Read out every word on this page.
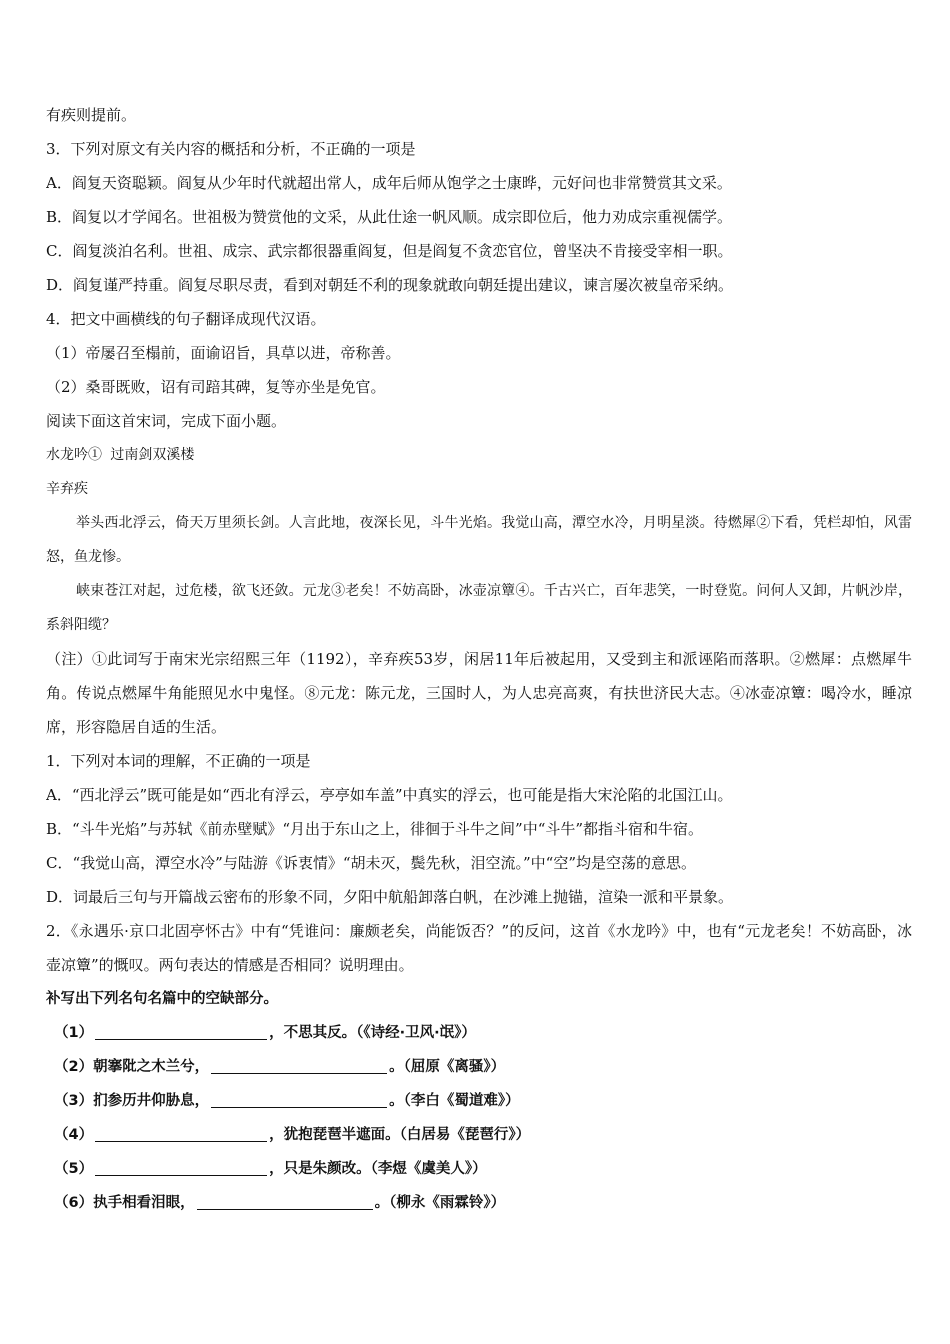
有疾则提前。
3．下列对原文有关内容的概括和分析，不正确的一项是
A．阎复天资聪颖。阎复从少年时代就超出常人，成年后师从饱学之士康晔，元好问也非常赞赏其文采。
B．阎复以才学闻名。世祖极为赞赏他的文采，从此仕途一帆风顺。成宗即位后，他力劝成宗重视儒学。
C．阎复淡泊名利。世祖、成宗、武宗都很器重阎复，但是阎复不贪恋官位，曾坚决不肯接受宰相一职。
D．阎复谨严持重。阎复尽职尽责，看到对朝廷不利的现象就敢向朝廷提出建议，谏言屡次被皇帝采纳。
4．把文中画横线的句子翻译成现代汉语。
（1）帝屡召至榻前，面谕诏旨，具草以进，帝称善。
（2）桑哥既败，诏有司踣其碑，复等亦坐是免官。
阅读下面这首宋词，完成下面小题。
水龙吟① 过南剑双溪楼
辛弃疾
举头西北浮云，倚天万里须长剑。人言此地，夜深长见，斗牛光焰。我觉山高，潭空水冷，月明星淡。待燃犀②下看，凭栏却怕，风雷怒，鱼龙惨。
峡束苍江对起，过危楼，欲飞还敛。元龙③老矣！不妨高卧，冰壶凉簟④。千古兴亡，百年悲笑，一时登览。问何人又卸，片帆沙岸，系斜阳缆？
（注）①此词写于南宋光宗绍熙三年（1192），辛弃疾53岁，闲居11年后被起用，又受到主和派诬陷而落职。②燃犀：点燃犀牛角。传说点燃犀牛角能照见水中鬼怪。⑧元龙：陈元龙，三国时人，为人忠亮高爽，有扶世济民大志。④冰壶凉簟：喝冷水，睡凉席，形容隐居自适的生活。
1．下列对本词的理解，不正确的一项是
A．“西北浮云”既可能是如“西北有浮云，亭亭如车盖”中真实的浮云，也可能是指大宋沦陷的北国江山。
B．“斗牛光焰”与苏轼《前赤壁赋》“月出于东山之上，徘徊于斗牛之间”中“斗牛”都指斗宿和牛宿。
C．“我觉山高，潭空水冷”与陆游《诉衷情》“胡未灭，鬓先秋，泪空流。”中“空”均是空荡的意思。
D．词最后三句与开篇战云密布的形象不同，夕阳中航船卸落白帆，在沙滩上抛锚，渲染一派和平景象。
2．《永遇乐·京口北固亭怀古》中有“凭谁问：廉颇老矣，尚能饭否？”的反问，这首《水龙吟》中，也有“元龙老矣！不妨高卧，冰壶凉簟”的慨叹。两句表达的情感是否相同？说明理由。
补写出下列名句名篇中的空缺部分。
（1）	，不思其反。（《诗经·卫风·氓》）
（2）朝搴阰之木兰兮，	。（屈原《离骚》）
（3）扪参历井仰胁息，	。（李白《蜀道难》）
（4）	，犹抱琵琶半遮面。（白居易《琵琶行》）
（5）	，只是朱颜改。（李煜《虞美人》）
（6）执手相看泪眼，	。（柳永《雨霖铃》）
